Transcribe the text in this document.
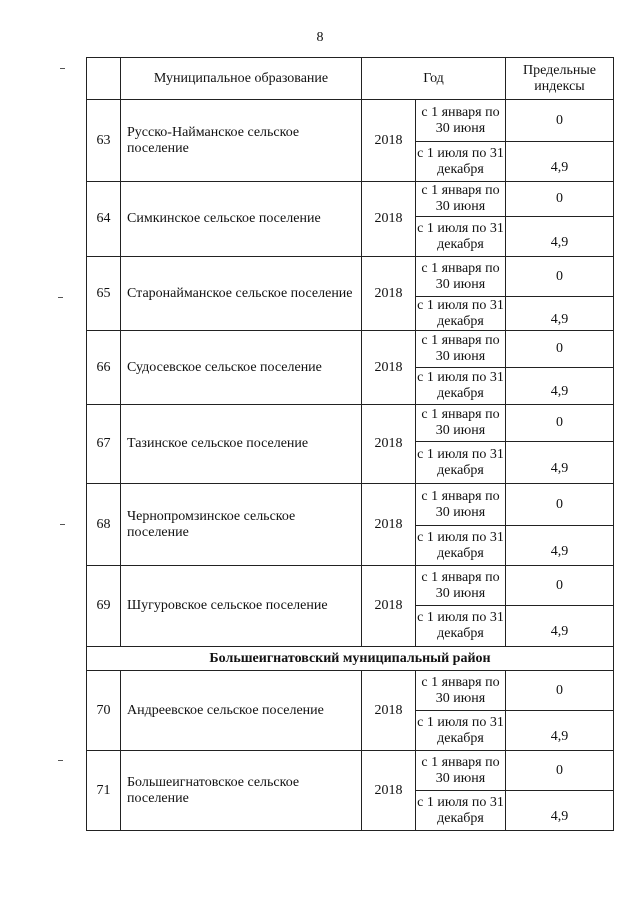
8
	Муниципальное образование	Год		Предельные индексы
63	Русско-Найманское сельское поселение	2018	с 1 января по 30 июня	0
			с 1 июля по 31 декабря	4,9
64	Симкинское сельское поселение	2018	с 1 января по 30 июня	0
			с 1 июля по 31 декабря	4,9
65	Старонайманское сельское поселение	2018	с 1 января по 30 июня	0
			с 1 июля по 31 декабря	4,9
66	Судосевское сельское поселение	2018	с 1 января по 30 июня	0
			с 1 июля по 31 декабря	4,9
67	Тазинское сельское поселение	2018	с 1 января по 30 июня	0
			с 1 июля по 31 декабря	4,9
68	Чернопромзинское сельское поселение	2018	с 1 января по 30 июня	0
			с 1 июля по 31 декабря	4,9
69	Шугуровское сельское поселение	2018	с 1 января по 30 июня	0
			с 1 июля по 31 декабря	4,9
Большеигнатовский муниципальный район				
70	Андреевское сельское поселение	2018	с 1 января по 30 июня	0
			с 1 июля по 31 декабря	4,9
71	Большеигнатовское сельское поселение	2018	с 1 января по 30 июня	0
			с 1 июля по 31 декабря	4,9
